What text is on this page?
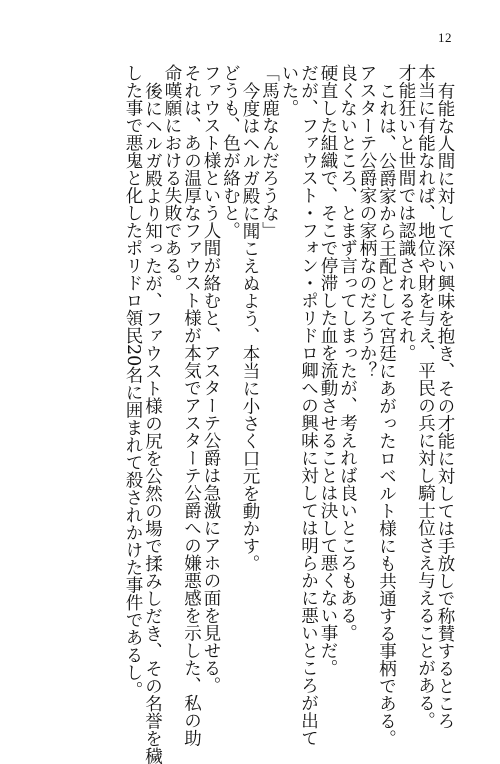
12
有能な人間に対して深い興味を抱き、その才能に対しては手放しで称賛するところ
本当に有能なれば、地位や財を与え、平民の兵に対し騎士位さえ与えることがある。
才能狂いと世間では認識されるそれ。
これは、公爵家から王配として宮廷にあがったロベルト様にも共通する事柄である。
アスターテ公爵家の家柄なのだろうか？
良くないところ、とまず言ってしまったが、考えれば良いところもある。
硬直した組織で、そこで停滞した血を流動させることは決して悪くない事だ。
だが、ファウスト・フォン・ポリドロ卿への興味に対しては明らかに悪いところが出て
いた。
「馬鹿なんだろうな」
今度はヘルガ殿に聞こえぬよう、本当に小さく口元を動かす。
どうも、色が絡むと。
ファウスト様という人間が絡むと、アスターテ公爵は急激にアホの面を見せる。
それは、あの温厚なファウスト様が本気でアスターテ公爵への嫌悪感を示した、私の助
命嘆願における失敗である。
後にヘルガ殿より知ったが、ファウスト様の尻を公然の場で揉みしだき、その名誉を穢
した事で悪鬼と化したポリドロ領民20名に囲まれて殺されかけた事件であるし。
